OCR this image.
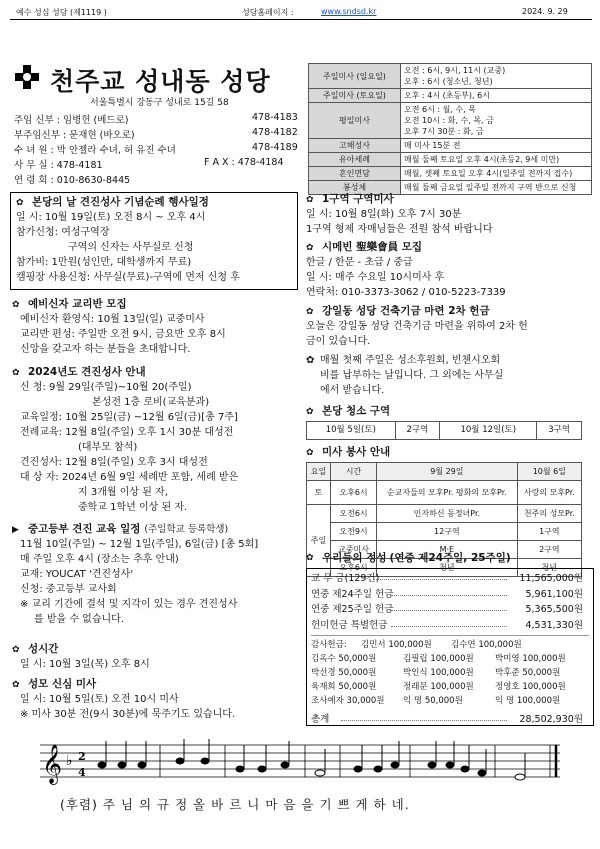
예수 성심 성당 (제1119 )	성당홈페이지 :	www.sndsd.kr	2024. 9. 29
천주교 성내동 성당
서울특별시 강동구 성내로 15길 58
주임 신부 : 임병헌 (베드로)	478-4183
부주임신부 : 문재현 (바오로)	478-4182
수 녀 원 : 박 안젤라 수녀, 허 유진 수녀	478-4189
사 무 실 : 478-4181	F A X : 478-4184
연 령 회 : 010-8630-8445
주일미사 (일요일)	오전 : 6시, 9시, 11시 (교중)
오후 : 6시 (청소년, 청년)

주일미사 (토요일)	오후 : 4시 (초등부), 6시
평일미사	오전 6시 : 월, 수, 목
오전 10시 : 화, 수, 목, 금
오후 7시 30분 : 화, 금

고해성사	매 미사 15분 전
유아세례	매월 둘째 토요일 오후 4시(초등2, 9세 미만)
혼인면담	매월, 셋째 토요일 오후 4시(일주일 전까지 접수)
봉성체	매월 둘째 금요일 일주일 전까지 구역 반으로 신청
✿ 본당의 날 견진성사 기념순례 행사일정
일 시: 10월 19일(토) 오전 8시 ~ 오후 4시
참가신청: 여성구역장
구역의 신자는 사무실로 신청
참가비: 1만원(성인만, 대학생까지 무료)
캠핑장 사용신청: 사무실(무료)-구역에 먼저 신청 후
✿ 예비신자 교리반 모집
예비신자 환영식: 10월 13일(일) 교중미사
교리반 편성: 주일반 오전 9시, 금요반 오후 8시
신앙을 갖고자 하는 분들을 초대합니다.
✿ 2024년도 견진성사 안내
신 청: 9월 29일(주일)~10월 20(주일)
본성전 1층 로비(교육분과)
교육일정: 10월 25일(금) ~12월 6일(금)[총 7주]
전례교육: 12월 8일(주일) 오후 1시 30분 대성전
(대부모 참석)
견진성사: 12월 8일(주일) 오후 3시 대성전
대 상 자: 2024년 6월 9일 세례반 포함, 세례 받은
지 3개월 이상 된 자,
중학교 1학년 이상 된 자.
▶ 중고등부 견진 교육 일정 (주일학교 등록학생)
11월 10일(주일) ~ 12월 1일(주일), 6일(금) [총 5회]
매 주일 오후 4시 (장소는 추후 안내)
교재: YOUCAT '견진성사'
신청: 중고등부 교사회
※ 교리 기간에 결석 및 지각이 있는 경우 견진성사
를 받을 수 없습니다.
✿ 성시간
일 시: 10월 3일(목) 오후 8시
✿ 성모 신심 미사
일 시: 10월 5일(토) 오전 10시 미사
※ 미사 30분 전(9시 30분)에 묵주기도 있습니다.
✿ 1구역 구역미사
일 시: 10월 8일(화) 오후 7시 30분
1구역 형제 자매님들은 전원 참석 바랍니다
✿ 시메빈 聖樂會員 모집
한글 / 한문 - 초급 / 중급
일 시: 매주 수요일 10시미사 후
연락처: 010-3373-3062 / 010-5223-7339
✿ 강일동 성당 건축기금 마련 2차 헌금
오늘은 강일동 성당 건축기금 마련을 위하여 2차 헌
금이 있습니다.
✿ 매월 첫째 주일은 성소후원회, 빈첸시오회
비를 납부하는 날입니다. 그 외에는 사무실
에서 받습니다.
✿ 본당 청소 구역
10월 5일(토)	2구역	10월 12일(토)	3구역
✿ 미사 봉사 안내
요일	시간	9월 29일	10월 6일
토	오후6시	순교자들의 모후Pr. 평화의 모후Pr.	사랑의 모후Pr.
주일	오전6시	인자하신 동정녀Pr.	천주의 성모Pr.
	오전9시	12구역	1구역
	교중미사	M·E	2구역
	오후6시	청년	청년
✿ 우리들의 정성 (연중 제24주일, 25주일)
교 무 금(129건)	11,565,000원
연중 제24주일 헌금	5,961,100원
연중 제25주일 헌금	5,365,500원
헌미헌금 특별헌금	4,531,330원
감사헌금:	김민서 100,000원	김수연 100,000원
김옥수 50,000원	김필립 100,000원	박미영 100,000원
박선경 50,000원	박인식 100,000원	박후준 50,000원
육재희 50,000원	정래문 100,000원	정영호 100,000원
조사예자 30,000원	익 명 50,000원	익 명 100,000원
총계	28,502,930원
𝄞 ♭ 2
4
(후렴) 주 님 의 규 정 올 바 르 니 마 음 을 기 쁘 게 하 네.
